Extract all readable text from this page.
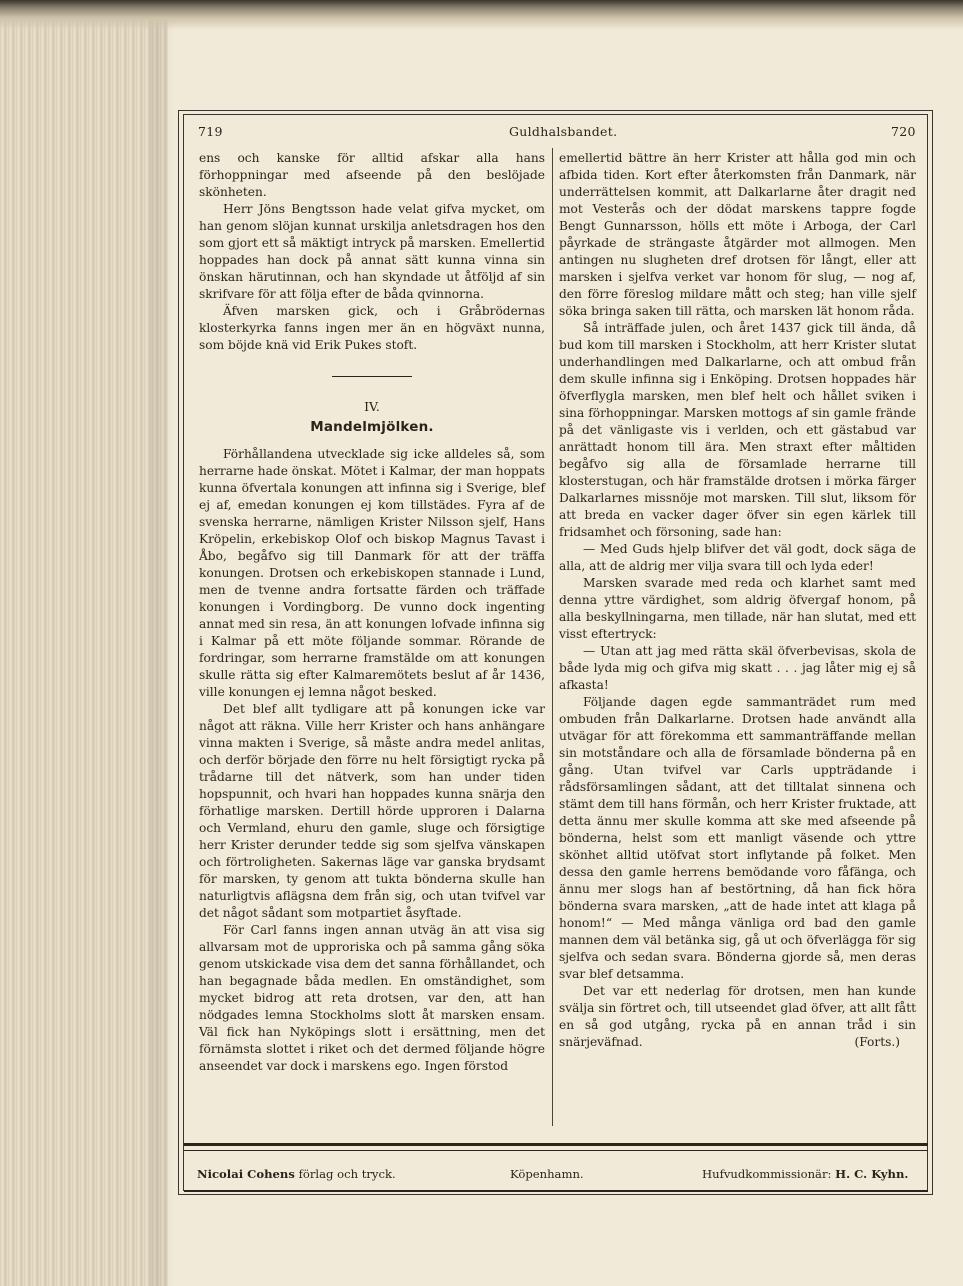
719	Guldhalsbandet.	720

ens och kanske för alltid afskar alla hans förhoppningar med afseende på den beslöjade skönheten.

Herr Jöns Bengtsson hade velat gifva mycket, om han genom slöjan kunnat urskilja anletsdragen hos den som gjort ett så mäktigt intryck på marsken. Emellertid hoppades han dock på annat sätt kunna vinna sin önskan härutinnan, och han skyndade ut åtföljd af sin skrifvare för att följa efter de båda qvinnorna.

Äfven marsken gick, och i Gråbrödernas klosterkyrka fanns ingen mer än en högväxt nunna, som böjde knä vid Erik Pukes stoft.

IV.
Mandelmjölken.

Förhållandena utvecklade sig icke alldeles så, som herrarne hade önskat. Mötet i Kalmar, der man hoppats kunna öfvertala konungen att infinna sig i Sverige, blef ej af, emedan konungen ej kom tillstädes. Fyra af de svenska herrarne, nämligen Krister Nilsson sjelf, Hans Kröpelin, erkebiskop Olof och biskop Magnus Tavast i Åbo, begåfvo sig till Danmark för att der träffa konungen. Drotsen och erkebiskopen stannade i Lund, men de tvenne andra fortsatte färden och träffade konungen i Vordingborg. De vunno dock ingenting annat med sin resa, än att konungen lofvade infinna sig i Kalmar på ett möte följande sommar. Rörande de fordringar, som herrarne framstälde om att konungen skulle rätta sig efter Kalmaremötets beslut af år 1436, ville konungen ej lemna något besked.

Det blef allt tydligare att på konungen icke var något att räkna. Ville herr Krister och hans anhängare vinna makten i Sverige, så måste andra medel anlitas, och derför började den förre nu helt försigtigt rycka på trådarne till det nätverk, som han under tiden hopspunnit, och hvari han hoppades kunna snärja den förhatlige marsken. Dertill hörde upproren i Dalarna och Vermland, ehuru den gamle, sluge och försigtige herr Krister derunder tedde sig som sjelfva vänskapen och förtroligheten. Sakernas läge var ganska brydsamt för marsken, ty genom att tukta bönderna skulle han naturligtvis aflägsna dem från sig, och utan tvifvel var det något sådant som motpartiet åsyftade.

För Carl fanns ingen annan utväg än att visa sig allvarsam mot de upproriska och på samma gång söka genom utskickade visa dem det sanna förhållandet, och han begagnade båda medlen. En omständighet, som mycket bidrog att reta drotsen, var den, att han nödgades lemna Stockholms slott åt marsken ensam. Väl fick han Nyköpings slott i ersättning, men det förnämsta slottet i riket och det dermed följande högre anseendet var dock i marskens ego. Ingen förstod

emellertid bättre än herr Krister att hålla god min och afbida tiden. Kort efter återkomsten från Danmark, när underrättelsen kommit, att Dalkarlarne åter dragit ned mot Vesterås och der dödat marskens tappre fogde Bengt Gunnarsson, hölls ett möte i Arboga, der Carl påyrkade de strängaste åtgärder mot allmogen. Men antingen nu slugheten dref drotsen för långt, eller att marsken i sjelfva verket var honom för slug, — nog af, den förre föreslog mildare mått och steg; han ville sjelf söka bringa saken till rätta, och marsken lät honom råda.

Så inträffade julen, och året 1437 gick till ända, då bud kom till marsken i Stockholm, att herr Krister slutat underhandlingen med Dalkarlarne, och att ombud från dem skulle infinna sig i Enköping. Drotsen hoppades här öfverflygla marsken, men blef helt och hållet sviken i sina förhoppningar. Marsken mottogs af sin gamle frände på det vänligaste vis i verlden, och ett gästabud var anrättadt honom till ära. Men straxt efter måltiden begåfvo sig alla de församlade herrarne till klosterstugan, och här framstälde drotsen i mörka färger Dalkarlarnes missnöje mot marsken. Till slut, liksom för att breda en vacker dager öfver sin egen kärlek till fridsamhet och försoning, sade han:

— Med Guds hjelp blifver det väl godt, dock säga de alla, att de aldrig mer vilja svara till och lyda eder!

Marsken svarade med reda och klarhet samt med denna yttre värdighet, som aldrig öfvergaf honom, på alla beskyllningarna, men tillade, när han slutat, med ett visst eftertryck:

— Utan att jag med rätta skäl öfverbevisas, skola de både lyda mig och gifva mig skatt . . . jag låter mig ej så afkasta!

Följande dagen egde sammanträdet rum med ombuden från Dalkarlarne. Drotsen hade användt alla utvägar för att förekomma ett sammanträffande mellan sin motståndare och alla de församlade bönderna på en gång. Utan tvifvel var Carls uppträdande i rådsförsamlingen sådant, att det tilltalat sinnena och stämt dem till hans förmån, och herr Krister fruktade, att detta ännu mer skulle komma att ske med afseende på bönderna, helst som ett manligt väsende och yttre skönhet alltid utöfvat stort inflytande på folket. Men dessa den gamle herrens bemödande voro fåfänga, och ännu mer slogs han af bestörtning, då han fick höra bönderna svara marsken, „att de hade intet att klaga på honom!“ — Med många vänliga ord bad den gamle mannen dem väl betänka sig, gå ut och öfverlägga för sig sjelfva och sedan svara. Bönderna gjorde så, men deras svar blef detsamma.

Det var ett nederlag för drotsen, men han kunde svälja sin förtret och, till utseendet glad öfver, att allt fått en så god utgång, rycka på en annan tråd i sin snärjeväfnad.	(Forts.)
Nicolai Cohens förlag och tryck.	Köpenhamn.	Hufvudkommissionär: H. C. Kyhn.
